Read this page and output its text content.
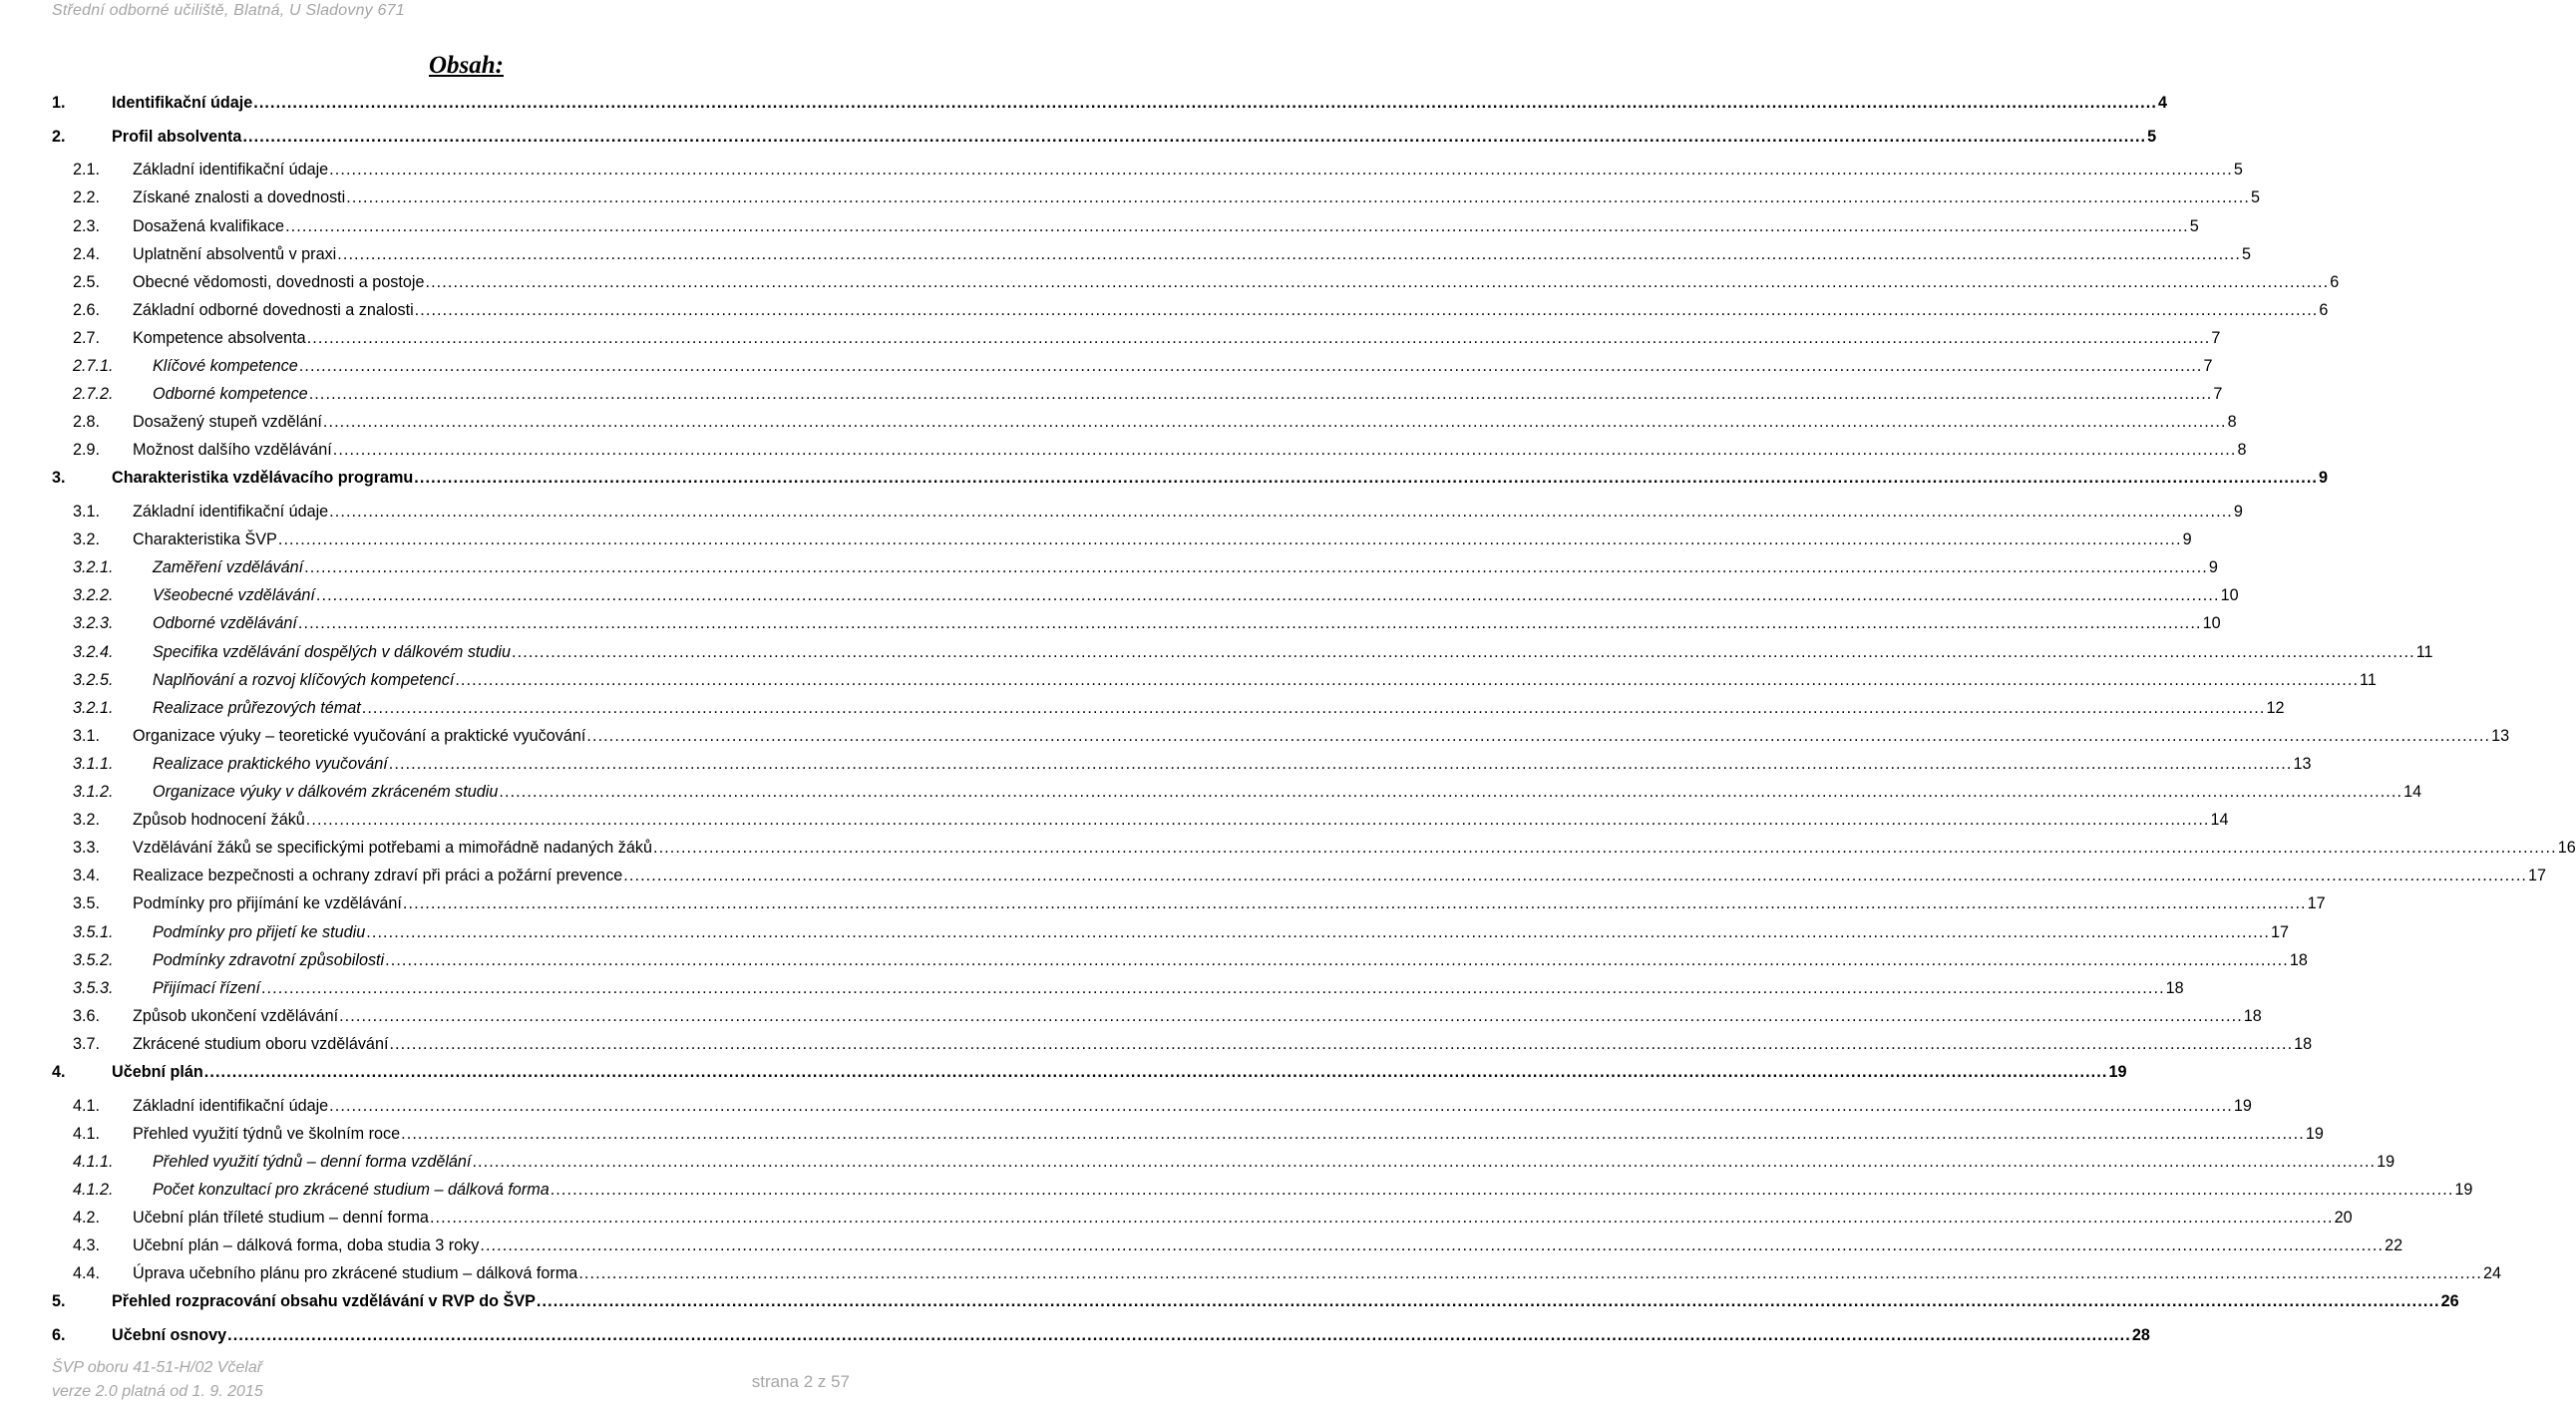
Střední odborné učiliště, Blatná, U Sladovny 671
Obsah:
1.	Identifikační údaje .....	4
2.	Profil absolventa .....	5
2.1.	Základní identifikační údaje .....	5
2.2.	Získané znalosti a dovednosti .....	5
2.3.	Dosažená kvalifikace .....	5
2.4.	Uplatnění absolventů v praxi .....	5
2.5.	Obecné vědomosti, dovednosti a postoje .....	6
2.6.	Základní odborné dovednosti a znalosti .....	6
2.7.	Kompetence absolventa .....	7
2.7.1.	Klíčové kompetence .....	7
2.7.2.	Odborné kompetence .....	7
2.8.	Dosažený stupeň vzdělání .....	8
2.9.	Možnost dalšího vzdělávání .....	8
3.	Charakteristika vzdělávacího programu .....	9
3.1.	Základní identifikační údaje .....	9
3.2.	Charakteristika ŠVP .....	9
3.2.1.	Zaměření vzdělávání .....	9
3.2.2.	Všeobecné vzdělávání .....	10
3.2.3.	Odborné vzdělávání .....	10
3.2.4.	Specifika vzdělávání dospělých v dálkovém studiu .....	11
3.2.5.	Naplňování a rozvoj klíčových kompetencí .....	11
3.2.1.	Realizace průřezových témat .....	12
3.1.	Organizace výuky – teoretické vyučování a praktické vyučování .....	13
3.1.1.	Realizace praktického vyučování .....	13
3.1.2.	Organizace výuky v dálkovém zkráceném studiu .....	14
3.2.	Způsob hodnocení žáků .....	14
3.3.	Vzdělávání žáků se specifickými potřebami a mimořádně nadaných žáků .....	16
3.4.	Realizace bezpečnosti a ochrany zdraví při práci a požární prevence .....	17
3.5.	Podmínky pro přijímání ke vzdělávání .....	17
3.5.1.	Podmínky pro přijetí ke studiu .....	17
3.5.2.	Podmínky zdravotní způsobilosti .....	18
3.5.3.	Přijímací řízení .....	18
3.6.	Způsob ukončení vzdělávání .....	18
3.7.	Zkrácené studium oboru vzdělávání .....	18
4.	Učební plán .....	19
4.1.	Základní identifikační údaje .....	19
4.1.	Přehled využití týdnů ve školním roce .....	19
4.1.1.	Přehled využití týdnů – denní forma vzdělání .....	19
4.1.2.	Počet konzultací pro zkrácené studium – dálková forma .....	19
4.2.	Učební plán tříleté studium – denní forma .....	20
4.3.	Učební plán – dálková forma, doba studia 3 roky .....	22
4.4.	Úprava učebního plánu pro zkrácené studium – dálková forma .....	24
5.	Přehled rozpracování obsahu vzdělávání v RVP do ŠVP .....	26
6.	Učební osnovy .....	28
ŠVP oboru 41-51-H/02 Včelař
verze 2.0 platná od 1. 9. 2015
strana 2 z 57
